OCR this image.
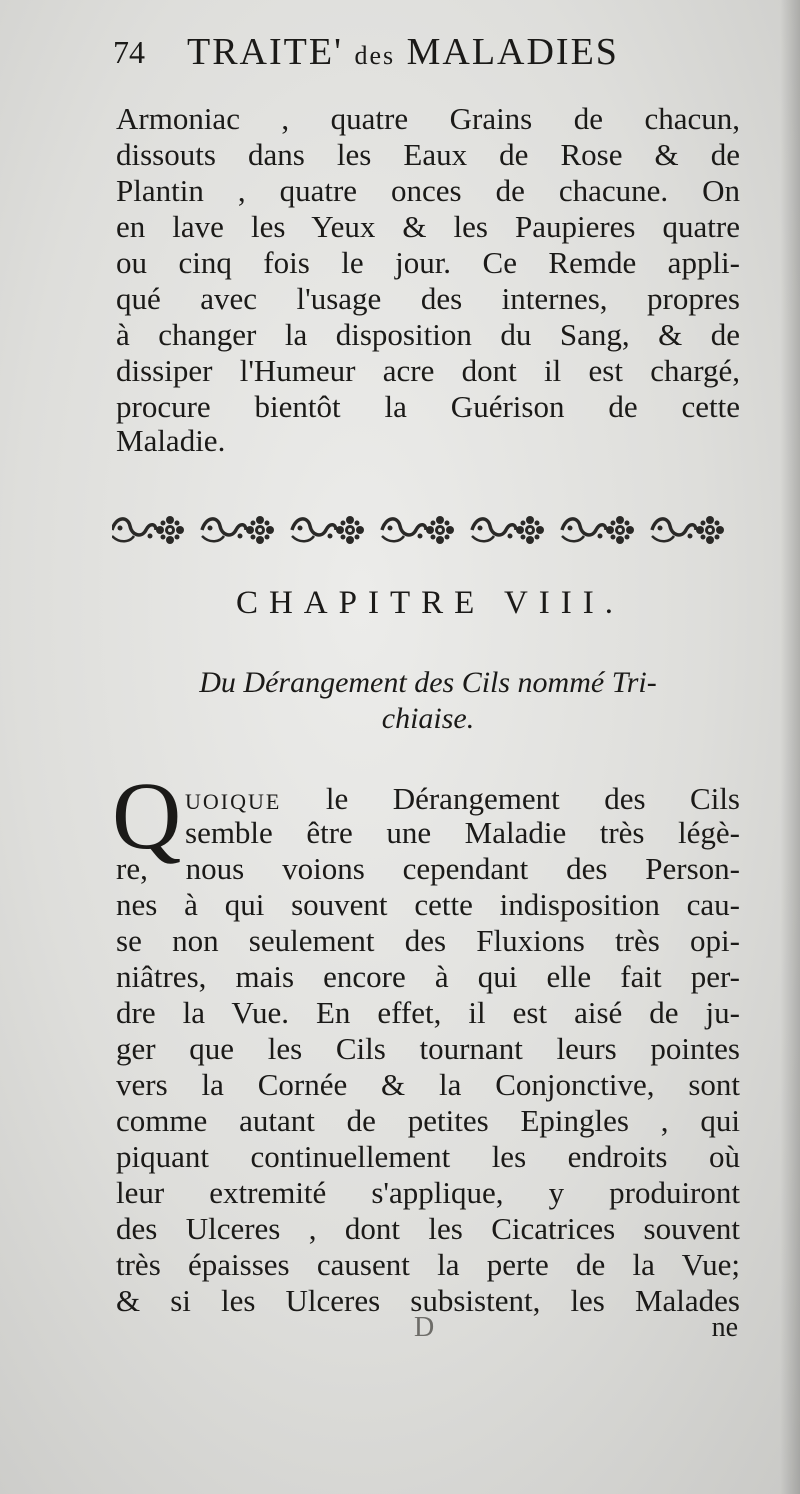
74 TRAITE' des MALADIES
Armoniac , quatre Grains de chacun,
dissouts dans les Eaux de Rose & de
Plantin , quatre onces de chacune. On
en lave les Yeux & les Paupieres quatre
ou cinq fois le jour. Ce Remde appli-
qué avec l'usage des internes, propres
à changer la disposition du Sang, & de
dissiper l'Humeur acre dont il est chargé,
procure bientôt la Guérison de cette
Maladie.
CHAPITRE VIII.
Du Dérangement des Cils nommé Tri-
chiaise.
Q uoique le Dérangement des Cils
semble être une Maladie très légè-
re, nous voions cependant des Person-
nes à qui souvent cette indisposition cau-
se non seulement des Fluxions très opi-
niâtres, mais encore à qui elle fait per-
dre la Vue. En effet, il est aisé de ju-
ger que les Cils tournant leurs pointes
vers la Cornée & la Conjonctive, sont
comme autant de petites Epingles , qui
piquant continuellement les endroits où
leur extremité s'applique, y produiront
des Ulceres , dont les Cicatrices souvent
très épaisses causent la perte de la Vue;
& si les Ulceres subsistent, les Malades
D	ne
